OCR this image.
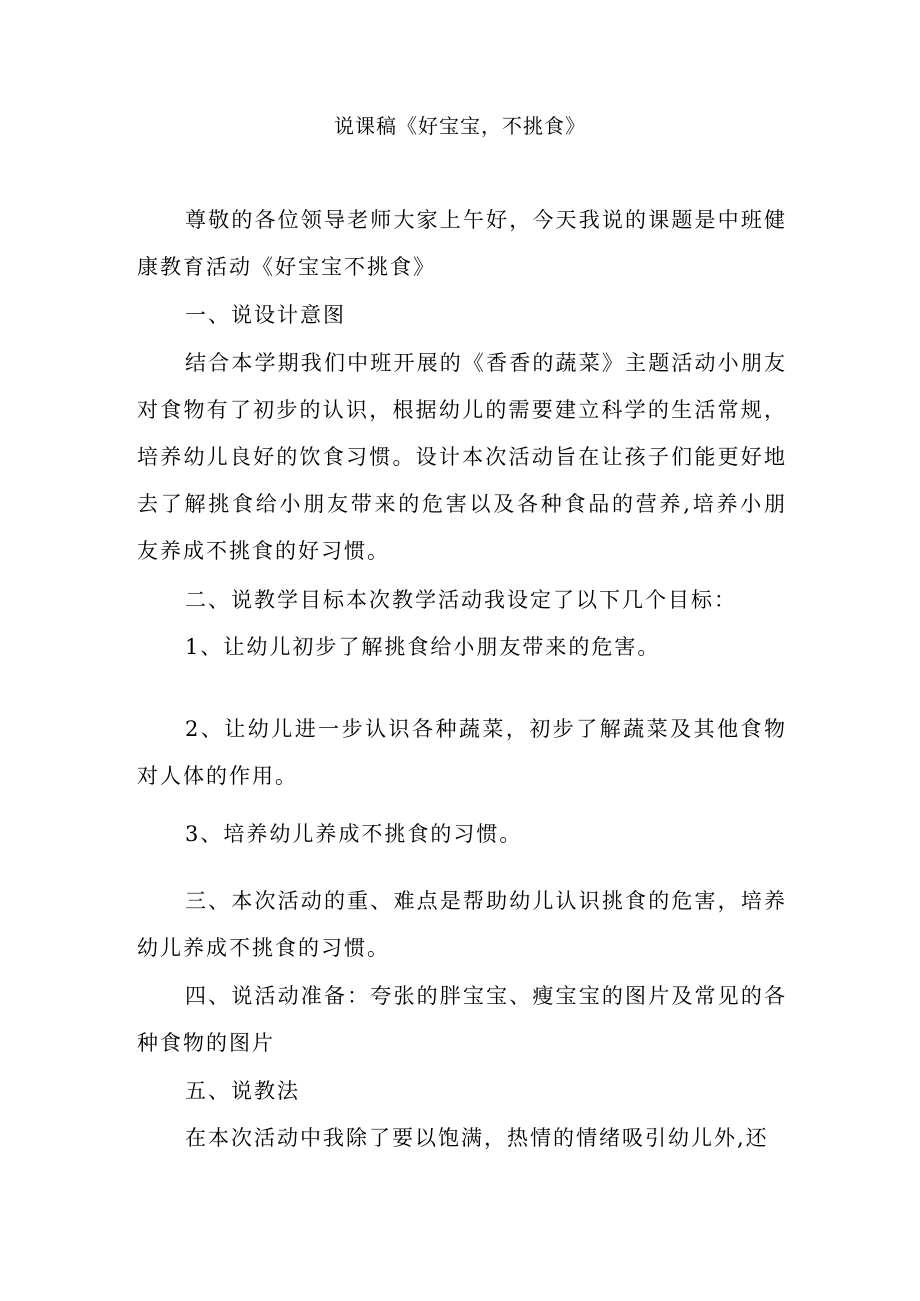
说课稿《好宝宝，不挑食》

尊敬的各位领导老师大家上午好，今天我说的课题是中班健康教育活动《好宝宝不挑食》

一、说设计意图

结合本学期我们中班开展的《香香的蔬菜》主题活动小朋友对食物有了初步的认识，根据幼儿的需要建立科学的生活常规，培养幼儿良好的饮食习惯。设计本次活动旨在让孩子们能更好地去了解挑食给小朋友带来的危害以及各种食品的营养,培养小朋友养成不挑食的好习惯。

二、说教学目标本次教学活动我设定了以下几个目标：

1、让幼儿初步了解挑食给小朋友带来的危害。

2、让幼儿进一步认识各种蔬菜，初步了解蔬菜及其他食物对人体的作用。

3、培养幼儿养成不挑食的习惯。

三、本次活动的重、难点是帮助幼儿认识挑食的危害，培养幼儿养成不挑食的习惯。

四、说活动准备：夸张的胖宝宝、瘦宝宝的图片及常见的各种食物的图片

五、说教法

在本次活动中我除了要以饱满，热情的情绪吸引幼儿外,还
